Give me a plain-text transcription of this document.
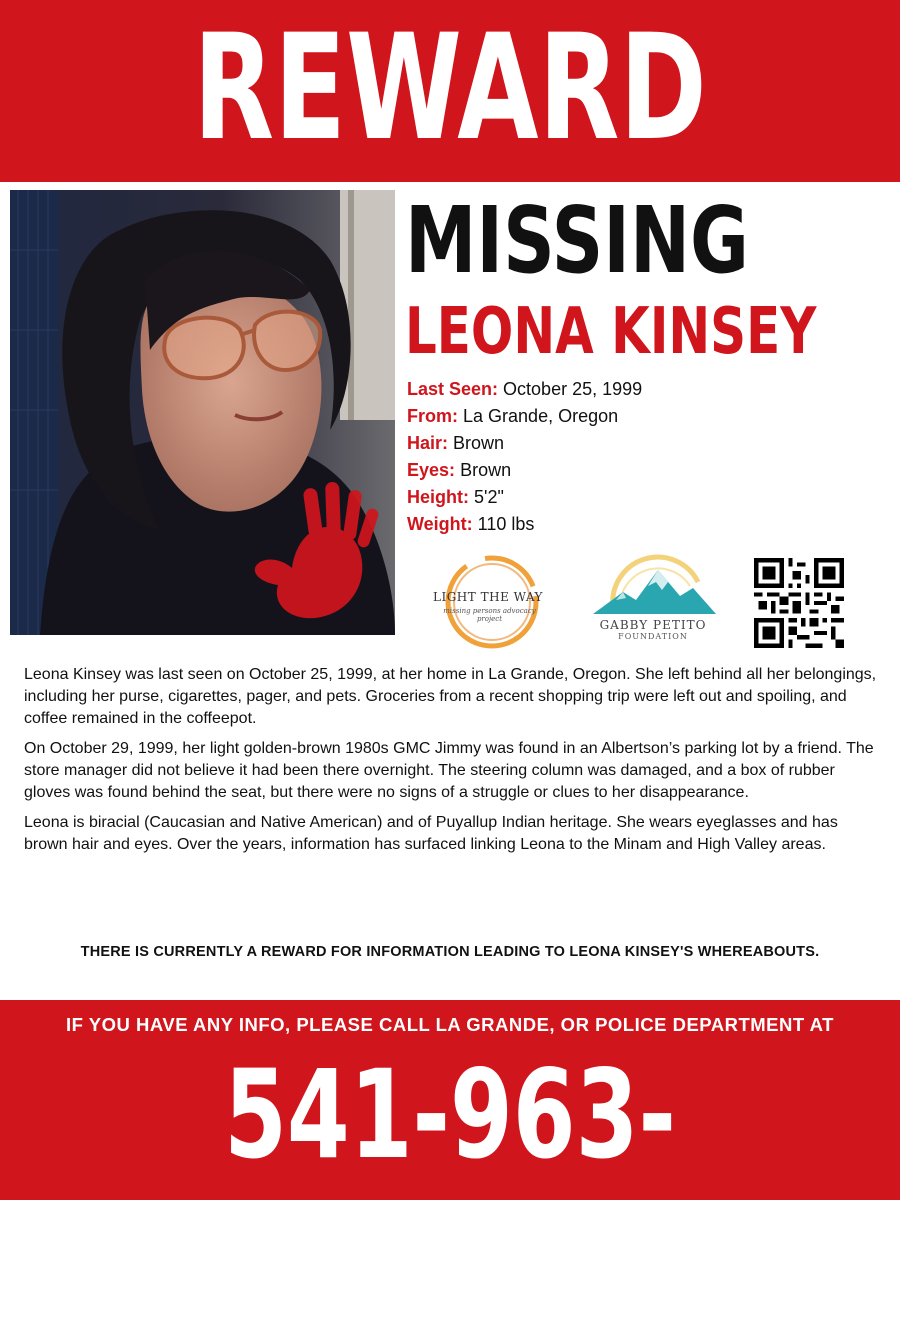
REWARD
MISSING
LEONA KINSEY
Last Seen: October 25, 1999
From: La Grande, Oregon
Hair: Brown
Eyes: Brown
Height: 5'2"
Weight: 110 lbs
LIGHT THE WAY
missing persons advocacy project	GABBY PETITO
FOUNDATION

Leona Kinsey was last seen on October 25, 1999, at her home in La Grande, Oregon. She left behind all her belongings, including her purse, cigarettes, pager, and pets. Groceries from a recent shopping trip were left out and spoiling, and coffee remained in the coffeepot.

On October 29, 1999, her light golden-brown 1980s GMC Jimmy was found in an Albertson’s parking lot by a friend. The store manager did not believe it had been there overnight. The steering column was damaged, and a box of rubber gloves was found behind the seat, but there were no signs of a struggle or clues to her disappearance.

Leona is biracial (Caucasian and Native American) and of Puyallup Indian heritage. She wears eyeglasses and has brown hair and eyes. Over the years, information has surfaced linking Leona to the Minam and High Valley areas.

THERE IS CURRENTLY A REWARD FOR INFORMATION LEADING TO LEONA KINSEY'S WHEREABOUTS.
IF YOU HAVE ANY INFO, PLEASE CALL LA GRANDE, OR POLICE DEPARTMENT AT
541-963-1017
